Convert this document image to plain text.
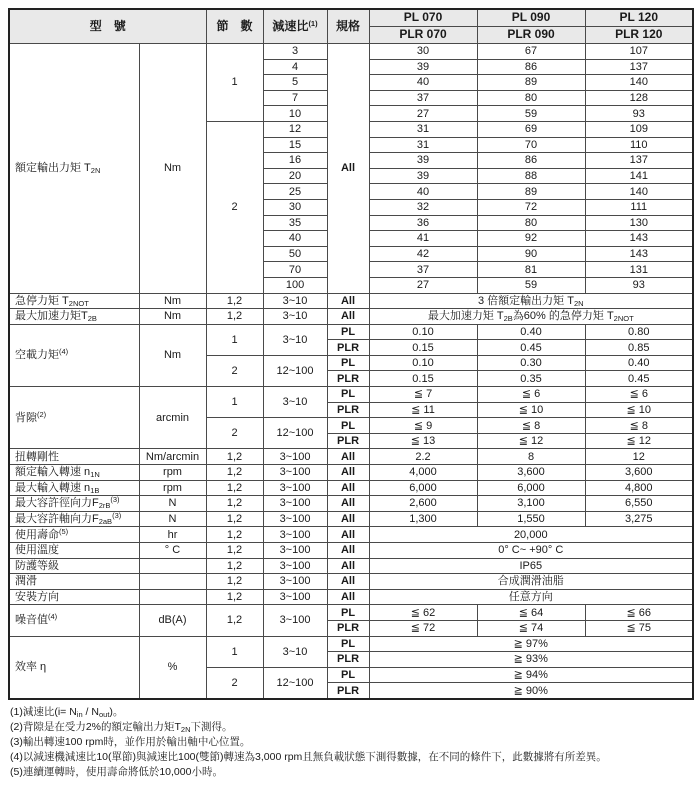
型　號		節　數	減速比$^{(1)}$	規格	PL 070	PL 090	PL 120
					PLR 070	PLR 090	PLR 120
額定輸出力矩 $T_{2N}$	Nm	1	3	All	30	67	107
			4		39	86	137
			5		40	89	140
			7		37	80	128
			10		27	59	93
		2	12		31	69	109
			15		31	70	110
			16		39	86	137
			20		39	88	141
			25		40	89	140
			30		32	72	111
			35		36	80	130
			40		41	92	143
			50		42	90	143
			70		37	81	131
			100		27	59	93
急停力矩 $T_{2NOT}$	Nm	1,2	3~10	All	3 倍額定輸出力矩 $T_{2N}$
最大加速力矩$T_{2B}$	Nm	1,2	3~10	All	最大加速力矩 $T_{2B}$為60% 的急停力矩 $T_{2NOT}$
空載力矩$^{(4)}$	Nm	1	3~10	PL	0.10	0.40	0.80
				PLR	0.15	0.45	0.85
		2	12~100	PL	0.10	0.30	0.40
				PLR	0.15	0.35	0.45
背隙$^{(2)}$	arcmin	1	3~10	PL	≦ 7	≦ 6	≦ 6
				PLR	≦ 11	≦ 10	≦ 10
		2	12~100	PL	≦ 9	≦ 8	≦ 8
				PLR	≦ 13	≦ 12	≦ 12
扭轉剛性	Nm/arcmin	1,2	3~100	All	2.2	8	12
額定輸入轉速 $n_{1N}$	rpm	1,2	3~100	All	4,000	3,600	3,600
最大輸入轉速 $n_{1B}$	rpm	1,2	3~100	All	6,000	6,000	4,800
最大容許徑向力$F_{2rB}^{(3)}$	N	1,2	3~100	All	2,600	3,100	6,550
最大容許軸向力$F_{2aB}^{(3)}$	N	1,2	3~100	All	1,300	1,550	3,275
使用壽命$^{(5)}$	hr	1,2	3~100	All	20,000		
使用溫度	° C	1,2	3~100	All	0° C~ +90° C		
防護等級		1,2	3~100	All	IP65		
潤滑		1,2	3~100	All	合成潤滑油脂		
安裝方向		1,2	3~100	All	任意方向		
噪音值$^{(4)}$	dB(A)	1,2	3~100	PL	≦ 62	≦ 64	≦ 66
				PLR	≦ 72	≦ 74	≦ 75
效率 η	%	1	3~10	PL	≧ 97%		
				PLR	≧ 93%		
		2	12~100	PL	≧ 94%		
				PLR	≧ 90%		
(1)減速比$(i= N_{in} / N_{out})$。
(2)背隙是在受力2%的額定輸出力矩$T_{2N}$下測得。
(3)輸出轉速100 rpm時，並作用於輸出軸中心位置。
(4)以減速機減速比10(單節)與減速比100(雙節)轉速為3,000 rpm且無負載狀態下測得數據，在不同的條件下，此數據將有所差異。
(5)連續運轉時，使用壽命將低於10,000小時。
